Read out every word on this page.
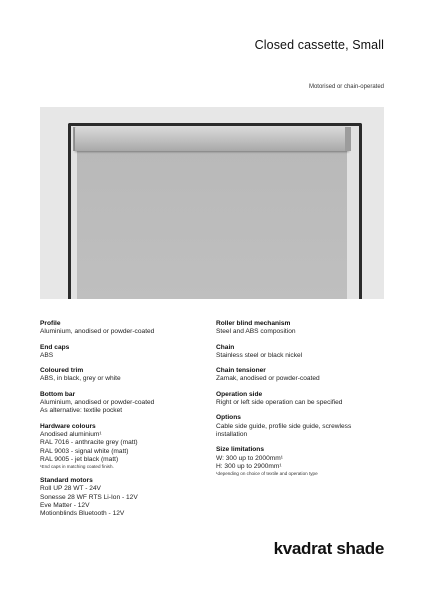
Closed cassette, Small
Motorised or chain-operated
Profile
Aluminium, anodised or powder-coated
End caps
ABS
Coloured trim
ABS, in black, grey or white
Bottom bar
Aluminium, anodised or powder-coated
As alternative: textile pocket
Hardware colours
Anodised aluminium¹
RAL 7016 - anthracite grey (matt)
RAL 9003 - signal white (matt)
RAL 9005 - jet black (matt)
¹End caps in matching coated finish.
Standard motors
Roll UP 28 WT - 24V
Sonesse 28 WF RTS Li-Ion - 12V
Eve Matter - 12V
Motionblinds Bluetooth - 12V
Roller blind mechanism
Steel and ABS composition
Chain
Stainless steel or black nickel
Chain tensioner
Zamak, anodised or powder-coated
Operation side
Right or left side operation can be specified
Options
Cable side guide, profile side guide, screwless
installation
Size limitations
W: 300 up to 2000mm¹
H: 300 up to 2900mm¹
¹depending on choice of textile and operation type
kvadrat shade
